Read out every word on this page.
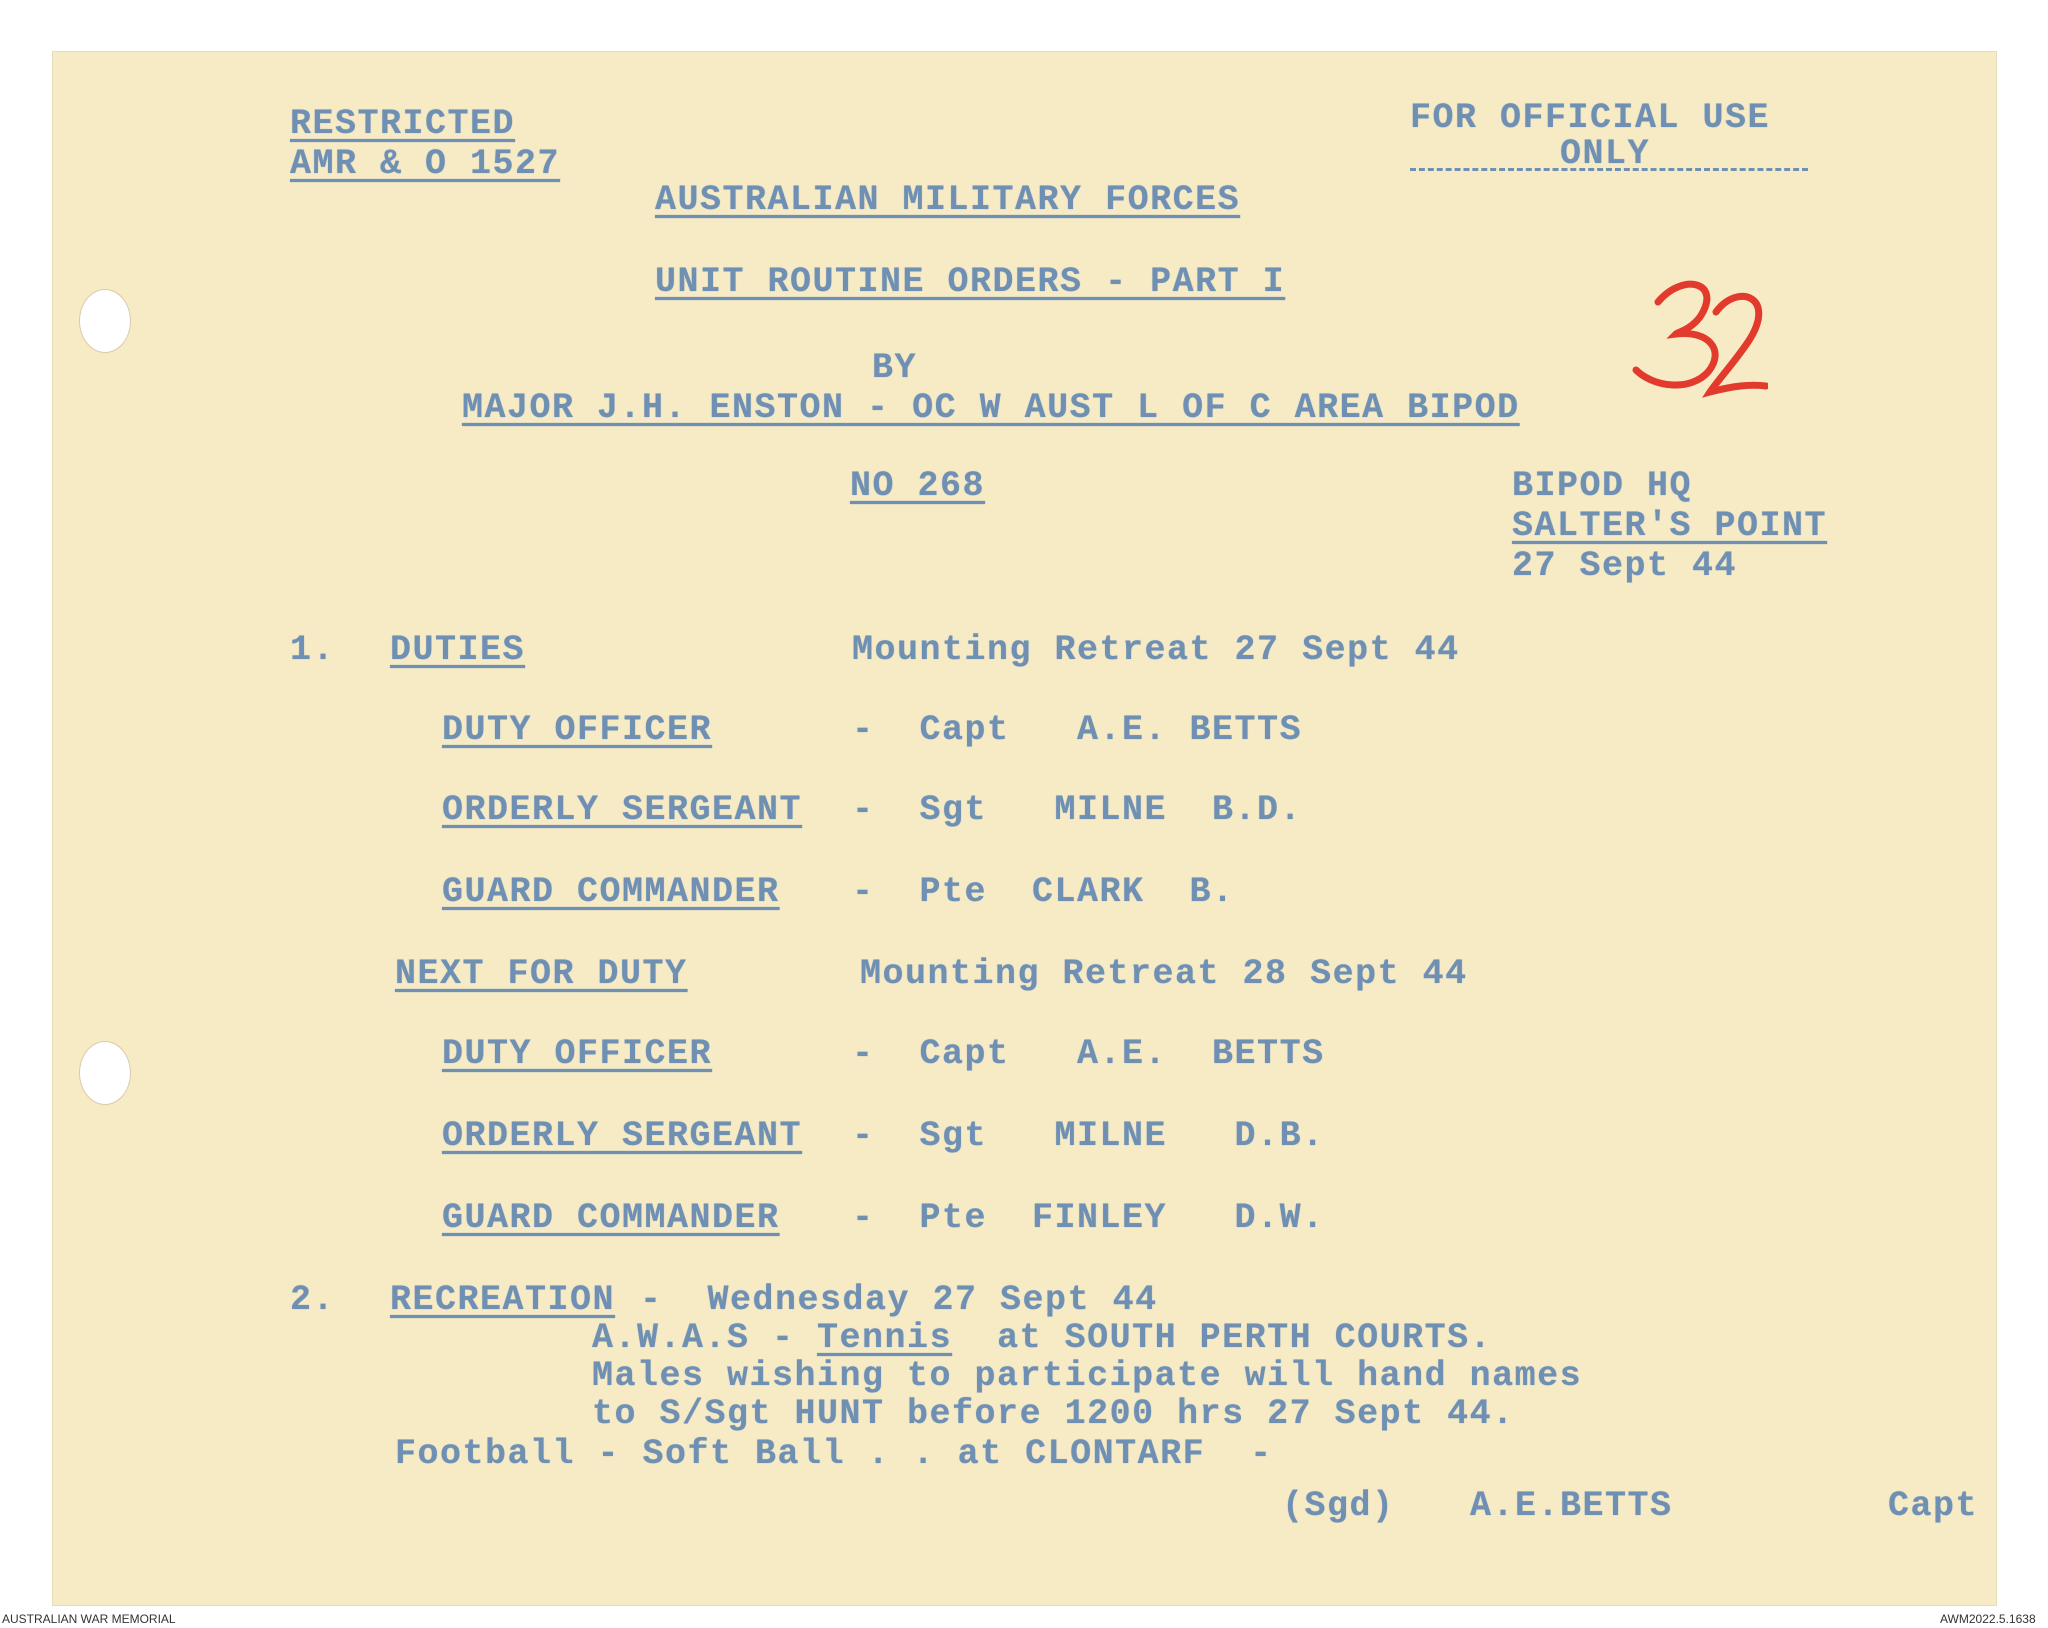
RESTRICTED

AMR & O 1527

FOR OFFICIAL USE

ONLY

AUSTRALIAN MILITARY FORCES

UNIT ROUTINE ORDERS - PART I

BY

MAJOR J.H. ENSTON - OC W AUST L OF C AREA BIPOD

NO 268	BIPOD HQ

SALTER'S POINT

27 Sept 44

1. DUTIES	Mounting Retreat 27 Sept 44

DUTY OFFICER	-  Capt   A.E. BETTS

ORDERLY SERGEANT -  Sgt   MILNE  B.D.

GUARD COMMANDER -  Pte  CLARK  B.

NEXT FOR DUTY	Mounting Retreat 28 Sept 44

DUTY OFFICER	-  Capt   A.E.  BETTS

ORDERLY SERGEANT -  Sgt   MILNE   D.B.

GUARD COMMANDER -  Pte  FINLEY   D.W.

2. RECREATION -  Wednesday 27 Sept 44

A.W.A.S - Tennis  at SOUTH PERTH COURTS.

Males wishing to participate will hand names

to S/Sgt HUNT before 1200 hrs 27 Sept 44.

Football - Soft Ball . . at CLONTARF  -

(Sgd) A.E.BETTS	Capt

AUSTRALIAN WAR MEMORIAL	AWM2022.5.1638
